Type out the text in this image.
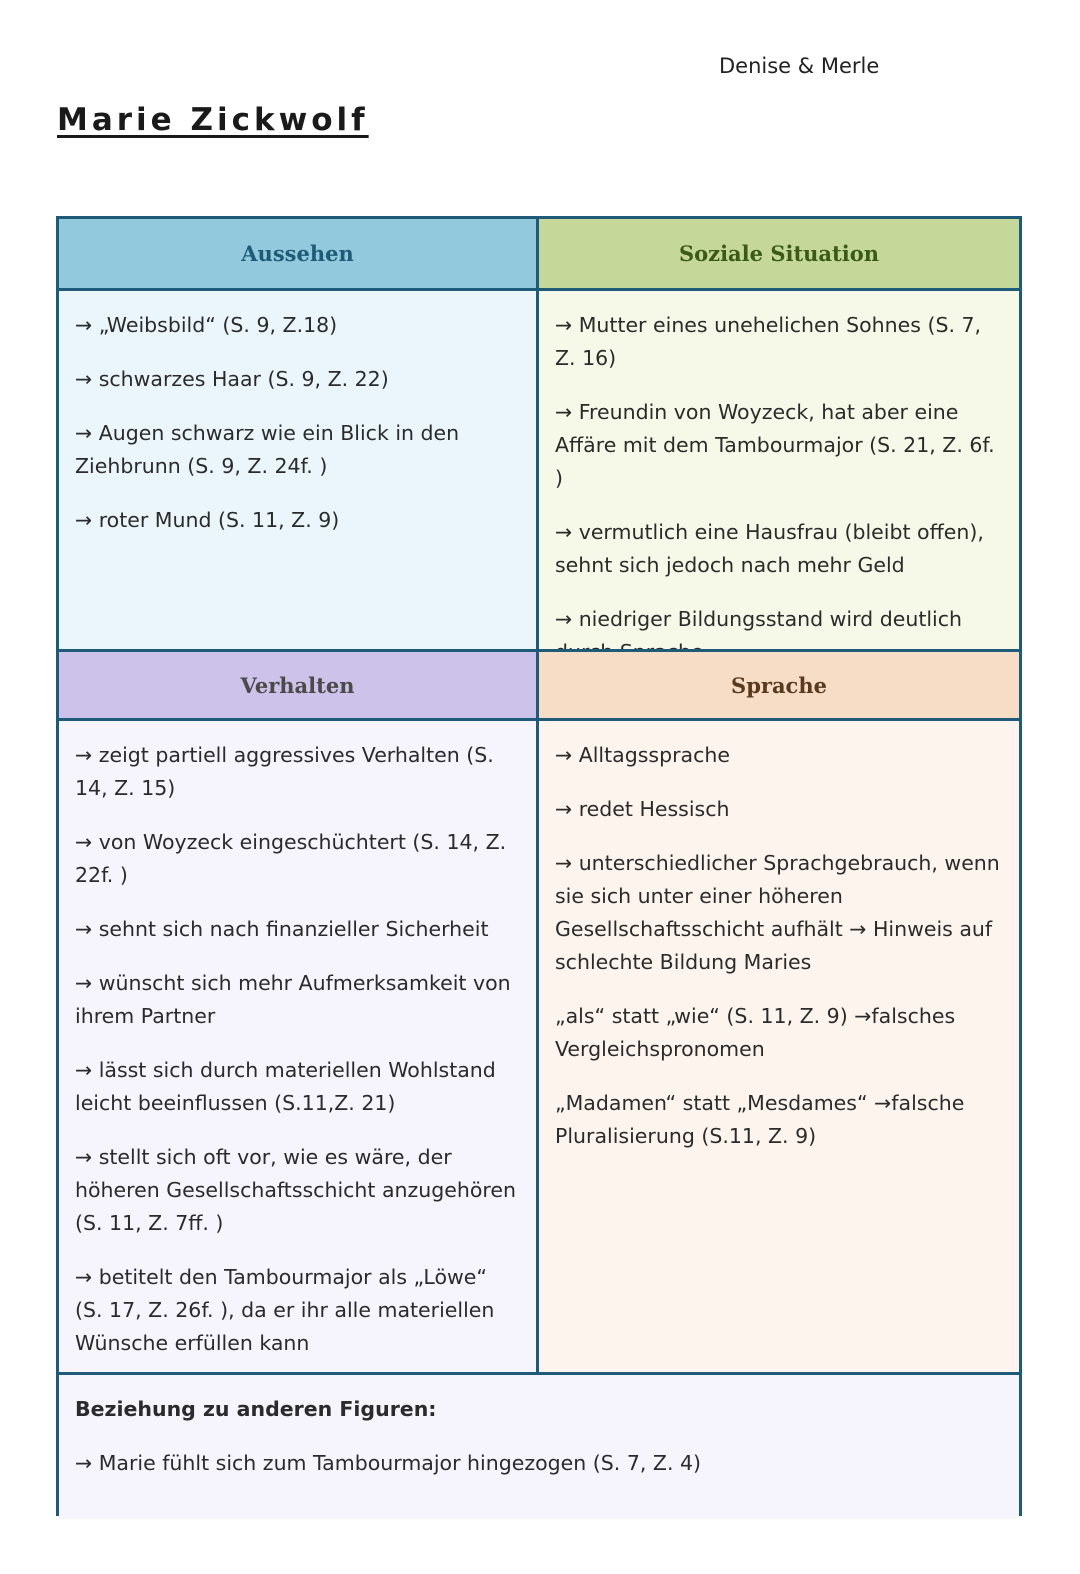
Denise & Merle
Marie Zickwolf
Aussehen	Soziale Situation

→ „Weibsbild“ (S. 9, Z.18)

→ schwarzes Haar (S. 9, Z. 22)

→ Augen schwarz wie ein Blick in den Ziehbrunn (S. 9, Z. 24f. )

→ roter Mund (S. 11, Z. 9)

→ Mutter eines unehelichen Sohnes (S. 7, Z. 16)

→ Freundin von Woyzeck, hat aber eine Affäre mit dem Tambourmajor (S. 21, Z. 6f. )

→ vermutlich eine Hausfrau (bleibt offen), sehnt sich jedoch nach mehr Geld

→ niedriger Bildungsstand wird deutlich

Verhalten	Sprache

→ zeigt partiell aggressives Verhalten (S. 14, Z. 15)

→ von Woyzeck eingeschüchtert (S. 14, Z. 22f. )

→ sehnt sich nach finanzieller Sicherheit

→ wünscht sich mehr Aufmerksamkeit von ihrem Partner

→ lässt sich durch materiellen Wohlstand leicht beeinflussen (S.11,Z. 21)

→ stellt sich oft vor, wie es wäre, der höheren Gesellschaftsschicht anzugehören (S. 11, Z. 7ff. )

→ betitelt den Tambourmajor als „Löwe“ (S. 17, Z. 26f. ), da er ihr alle materiellen Wünsche erfüllen kann

→ Alltagssprache

→ redet Hessisch

→ unterschiedlicher Sprachgebrauch, wenn sie sich unter einer höheren Gesellschaftsschicht aufhält → Hinweis auf schlechte Bildung Maries

„als“ statt „wie“ (S. 11, Z. 9) →falsches Vergleichspronomen

„Madamen“ statt „Mesdames“ →falsche Pluralisierung (S.11, Z. 9)

Beziehung zu anderen Figuren:

→ Marie fühlt sich zum Tambourmajor hingezogen (S. 7, Z. 4)
